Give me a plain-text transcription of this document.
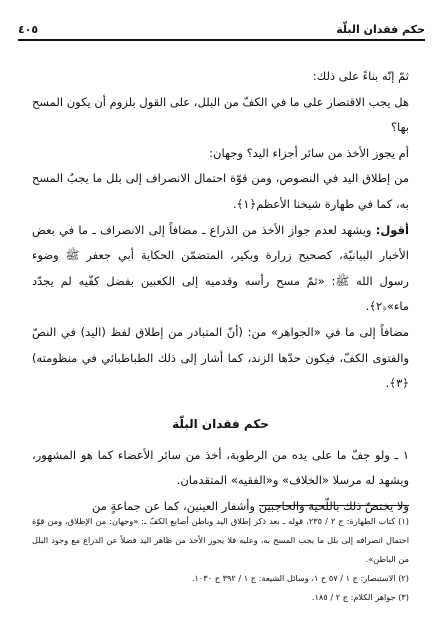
حكم فقدان البلّة
٤٠٥

ثمّ إنّه بناءً على ذلك:

هل يجب الاقتصار على ما في الكفّ من البلل، على القول بلزوم أن يكون المسح بها؟

أم يجوز الأخذ من سائر أجزاء اليد؟ وجهان:

من إطلاق اليد في النصوص، ومن قوّة احتمال الانصراف إلى بلل ما يجبُ المسح به، كما في طهارة شيخنا الأعظم﴿١﴾.

أقول: ويشهد لعدم جواز الأخذ من الذراع ـ مضافاً إلى الانصراف ـ ما في بعض الأخبار البيانيّة، كصحيح زرارة وبكير، المتضمّن الحكاية أبي جعفر ﷺ وضوء رسول الله ﷺ: «ثمّ مسح رأسه وقدميه إلى الكعبين بفضل كفّيه لم يجدّد ماء»﴿٢﴾.

مضافاً إلى ما في «الجواهر» من: (أنّ المتبادر من إطلاق لفظ (اليد) في النصّ والفتوى الكفّ، فيكون حدّها الزند، كما أشار إلى ذلك الطباطبائي في منظومته)﴿٣﴾.

حكم فقدان البلّة

١ ـ ولو جفّ ما على يده من الرطوبة، أخذ من سائر الأعضاء كما هو المشهور، ويشهد له مرسلا «الخلاف» و«الفقيه» المتقدمان.

ولا يختصّ ذلك باللّحية والحاجبين وأشفار العينين، كما عن جماعةٍ من

(١) كتاب الطهارة: ج ٢ / ٢٣٥، قوله ـ بعد ذكر إطلاق اليد وباطن أصابع الكفّ ـ: «وجهان: من الإطلاق، ومن قوّة احتمال انصرافه إلى بلل ما يجب المسح به، وعليه فلا يجوز الأخذ من ظاهر اليد فضلاً عن الذراع مع وجود البلل من الباطن».

(٢) الاستبصار: ج ١ / ٥٧ ح ١، وسائل الشيعة: ج ١ / ٣٩٢ ح ١٠٣٠.

(٣) جواهر الكلام: ج ٢ / ١٨٥.
